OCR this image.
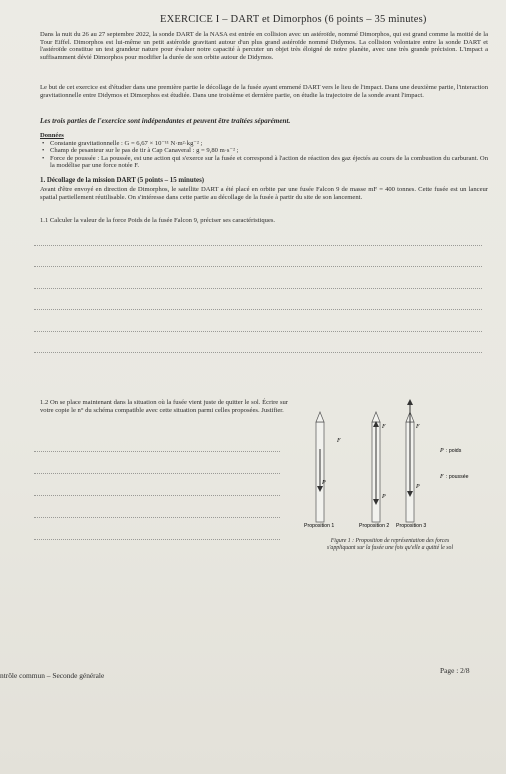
EXERCICE I – DART et Dimorphos (6 points – 35 minutes)
Dans la nuit du 26 au 27 septembre 2022, la sonde DART de la NASA est entrée en collision avec un astéroïde, nommé Dimorphos, qui est grand comme la moitié de la Tour Eiffel. Dimorphos est lui-même un petit astéroïde gravitant autour d'un plus grand astéroïde nommé Didymos. La collision volontaire entre la sonde DART et l'astéroïde constitue un test grandeur nature pour évaluer notre capacité à percuter un objet très éloigné de notre planète, avec une très grande précision. L'impact a suffisamment dévié Dimorphos pour modifier la durée de son orbite autour de Didymos.
Le but de cet exercice est d'étudier dans une première partie le décollage de la fusée ayant emmené DART vers le lieu de l'impact. Dans une deuxième partie, l'interaction gravitationnelle entre Didymos et Dimorphos est étudiée. Dans une troisième et dernière partie, on étudie la trajectoire de la sonde avant l'impact.
Les trois parties de l'exercice sont indépendantes et peuvent être traitées séparément.
Données
• Constante gravitationnelle : G = 6,67 × 10⁻¹¹ N·m²·kg⁻² ;
• Champ de pesanteur sur le pas de tir à Cap Canaveral : g = 9,80 m·s⁻² ;
• Force de poussée : La poussée, est une action qui s'exerce sur la fusée et correspond à l'action de réaction des gaz éjectés au cours de la combustion du carburant. On la modélise par une force notée F.
1. Décollage de la mission DART (5 points – 15 minutes)
Avant d'être envoyé en direction de Dimorphos, le satellite DART a été placé en orbite par une fusée Falcon 9 de masse mF = 400 tonnes. Cette fusée est un lanceur spatial partiellement réutilisable. On s'intéresse dans cette partie au décollage de la fusée à partir du site de son lancement.
1.1 Calculer la valeur de la force Poids de la fusée Falcon 9, préciser ses caractéristiques.
1.2 On se place maintenant dans la situation où la fusée vient juste de quitter le sol. Écrire sur votre copie le n° du schéma compatible avec cette situation parmi celles proposées. Justifier.
F
P
F
P
F
P
P : poids
F : poussée
Proposition 1	Proposition 2 Proposition 3
Figure 1 : Proposition de représentation des forces
s'appliquant sur la fusée une fois qu'elle a quitté le sol
ntrôle commun – Seconde générale
Page : 2/8
